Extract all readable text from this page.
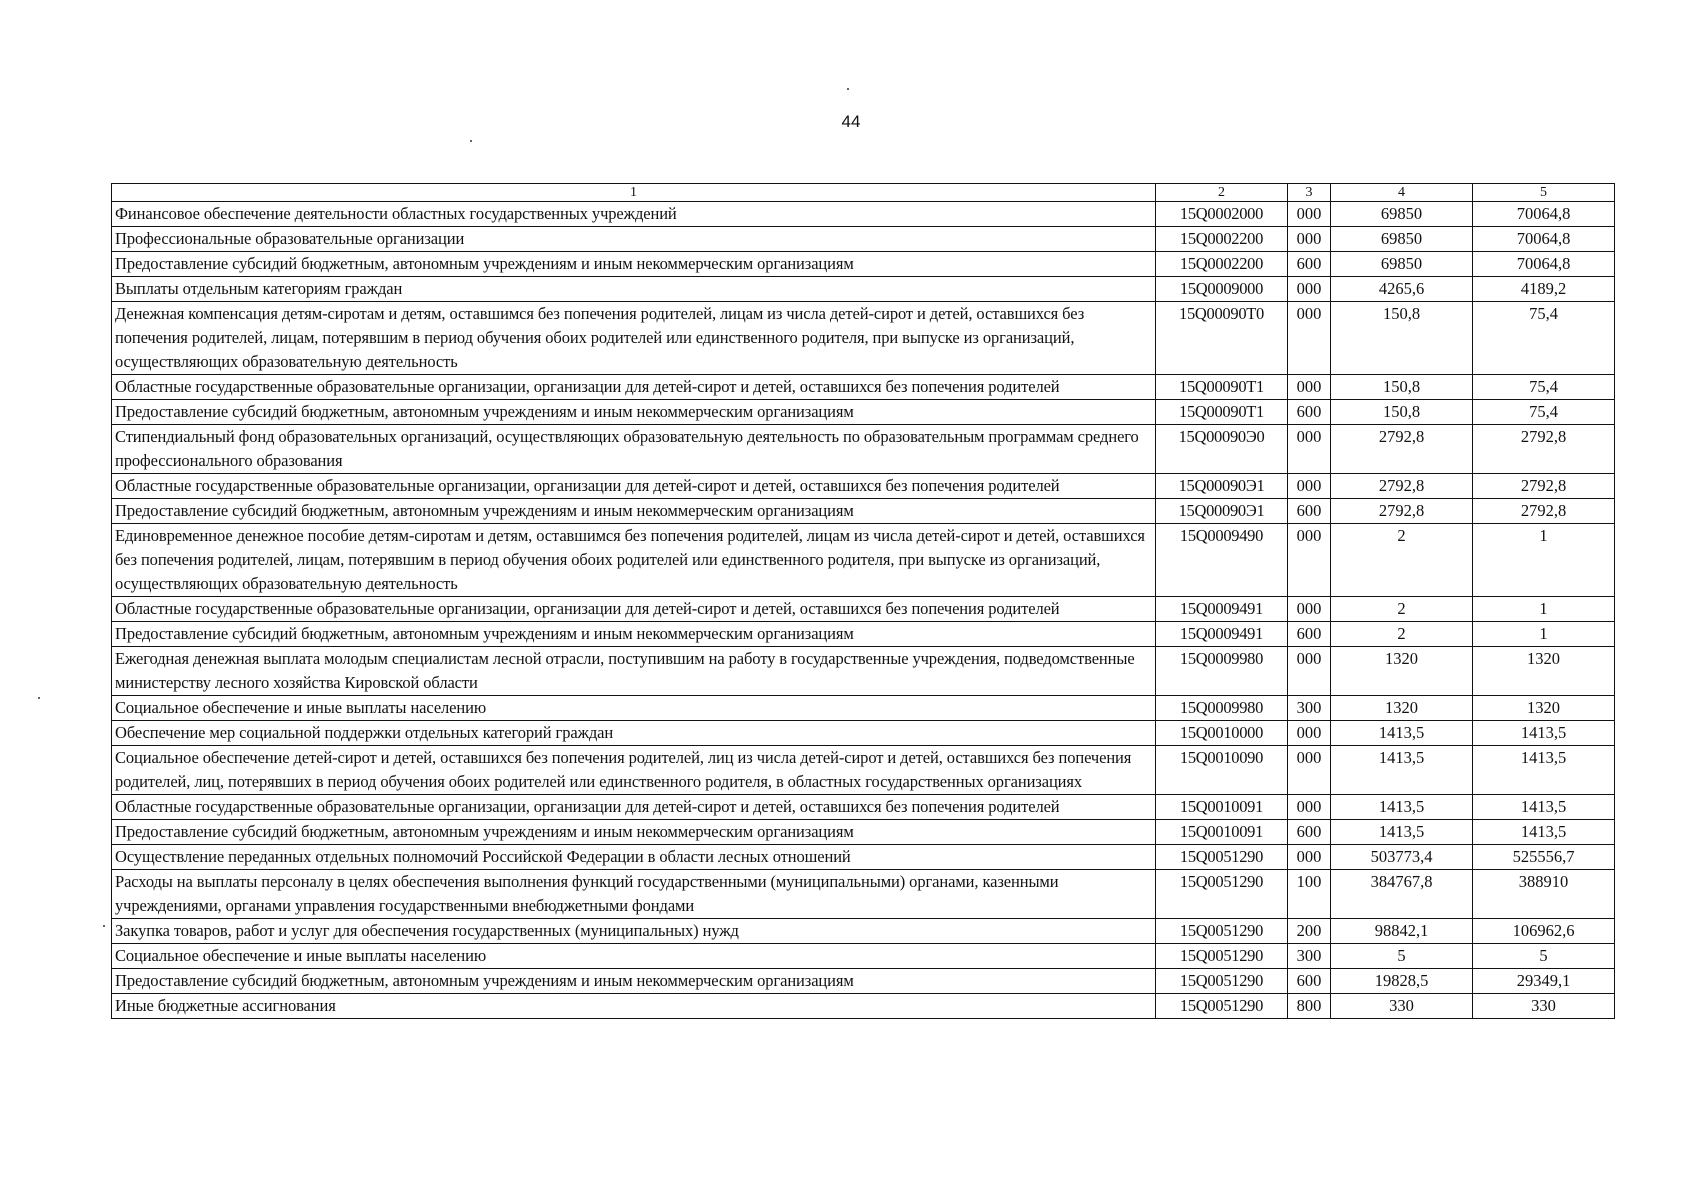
44
1	2	3	4	5
Финансовое обеспечение деятельности областных государственных учреждений	15Q0002000	000	69850	70064,8
Профессиональные образовательные организации	15Q0002200	000	69850	70064,8
Предоставление субсидий бюджетным, автономным учреждениям и иным некоммерческим организациям	15Q0002200	600	69850	70064,8
Выплаты отдельным категориям граждан	15Q0009000	000	4265,6	4189,2
Денежная компенсация детям-сиротам и детям, оставшимся без попечения родителей, лицам из числа детей-сирот и детей, оставшихся без попечения родителей, лицам, потерявшим в период обучения обоих родителей или единственного родителя, при выпуске из организаций, осуществляющих образовательную деятельность	15Q00090T0	000	150,8	75,4
Областные государственные образовательные организации, организации для детей-сирот и детей, оставшихся без попечения родителей	15Q00090T1	000	150,8	75,4
Предоставление субсидий бюджетным, автономным учреждениям и иным некоммерческим организациям	15Q00090T1	600	150,8	75,4
Стипендиальный фонд образовательных организаций, осуществляющих образовательную деятельность по образовательным программам среднего профессионального образования	15Q00090Э0	000	2792,8	2792,8
Областные государственные образовательные организации, организации для детей-сирот и детей, оставшихся без попечения родителей	15Q00090Э1	000	2792,8	2792,8
Предоставление субсидий бюджетным, автономным учреждениям и иным некоммерческим организациям	15Q00090Э1	600	2792,8	2792,8
Единовременное денежное пособие детям-сиротам и детям, оставшимся без попечения родителей, лицам из числа детей-сирот и детей, оставшихся без попечения родителей, лицам, потерявшим в период обучения обоих родителей или единственного родителя, при выпуске из организаций, осуществляющих образовательную деятельность	15Q0009490	000	2	1
Областные государственные образовательные организации, организации для детей-сирот и детей, оставшихся без попечения родителей	15Q0009491	000	2	1
Предоставление субсидий бюджетным, автономным учреждениям и иным некоммерческим организациям	15Q0009491	600	2	1
Ежегодная денежная выплата молодым специалистам лесной отрасли, поступившим на работу в государственные учреждения, подведомственные министерству лесного хозяйства Кировской области	15Q0009980	000	1320	1320
Социальное обеспечение и иные выплаты населению	15Q0009980	300	1320	1320
Обеспечение мер социальной поддержки отдельных категорий граждан	15Q0010000	000	1413,5	1413,5
Социальное обеспечение детей-сирот и детей, оставшихся без попечения родителей, лиц из числа детей-сирот и детей, оставшихся без попечения родителей, лиц, потерявших в период обучения обоих родителей или единственного родителя, в областных государственных организациях	15Q0010090	000	1413,5	1413,5
Областные государственные образовательные организации, организации для детей-сирот и детей, оставшихся без попечения родителей	15Q0010091	000	1413,5	1413,5
Предоставление субсидий бюджетным, автономным учреждениям и иным некоммерческим организациям	15Q0010091	600	1413,5	1413,5
Осуществление переданных отдельных полномочий Российской Федерации в области лесных отношений	15Q0051290	000	503773,4	525556,7
Расходы на выплаты персоналу в целях обеспечения выполнения функций государственными (муниципальными) органами, казенными учреждениями, органами управления государственными внебюджетными фондами	15Q0051290	100	384767,8	388910
Закупка товаров, работ и услуг для обеспечения государственных (муниципальных) нужд	15Q0051290	200	98842,1	106962,6
Социальное обеспечение и иные выплаты населению	15Q0051290	300	5	5
Предоставление субсидий бюджетным, автономным учреждениям и иным некоммерческим организациям	15Q0051290	600	19828,5	29349,1
Иные бюджетные ассигнования	15Q0051290	800	330	330
